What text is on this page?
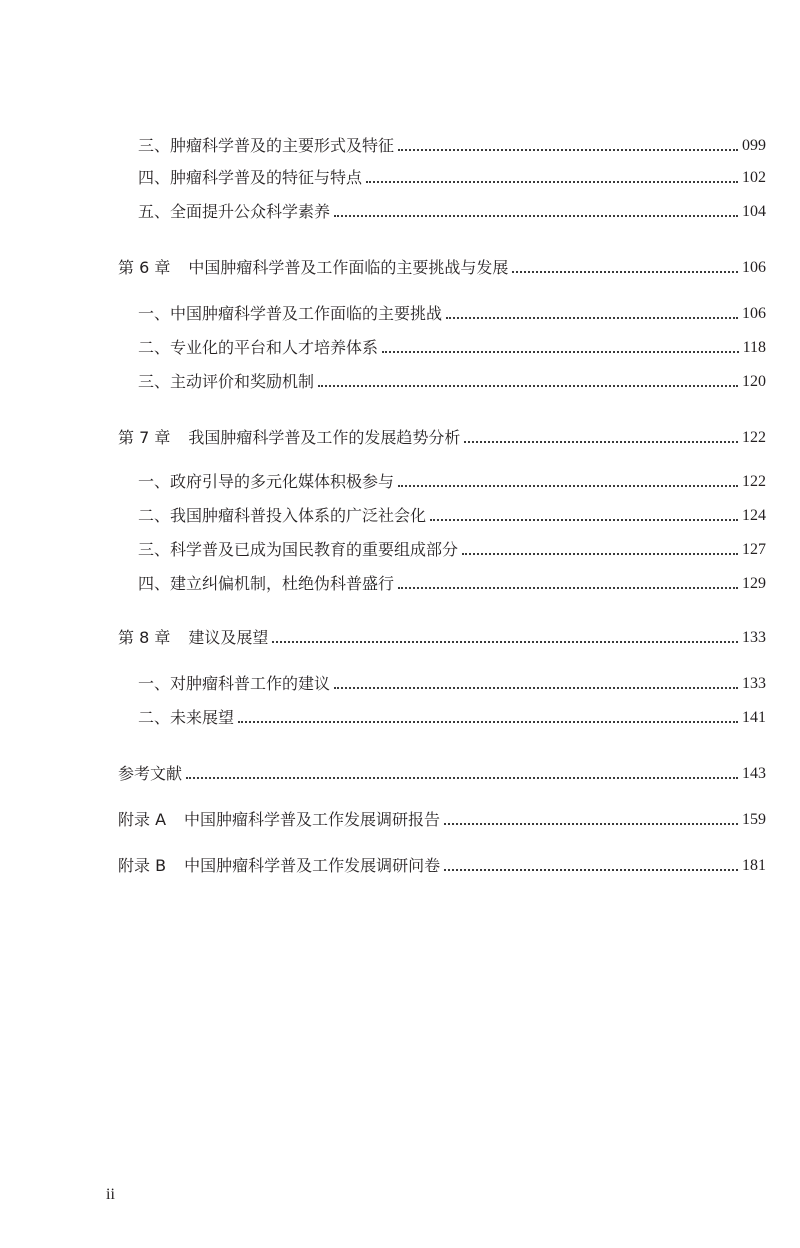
三、肿瘤科学普及的主要形式及特征	099
四、肿瘤科学普及的特征与特点	102
五、全面提升公众科学素养	104
第 6 章 中国肿瘤科学普及工作面临的主要挑战与发展	106
一、中国肿瘤科学普及工作面临的主要挑战	106
二、专业化的平台和人才培养体系	118
三、主动评价和奖励机制	120
第 7 章 我国肿瘤科学普及工作的发展趋势分析	122
一、政府引导的多元化媒体积极参与	122
二、我国肿瘤科普投入体系的广泛社会化	124
三、科学普及已成为国民教育的重要组成部分	127
四、建立纠偏机制，杜绝伪科普盛行	129
第 8 章 建议及展望	133
一、对肿瘤科普工作的建议	133
二、未来展望	141
参考文献	143
附录 A 中国肿瘤科学普及工作发展调研报告	159
附录 B 中国肿瘤科学普及工作发展调研问卷	181
ii
